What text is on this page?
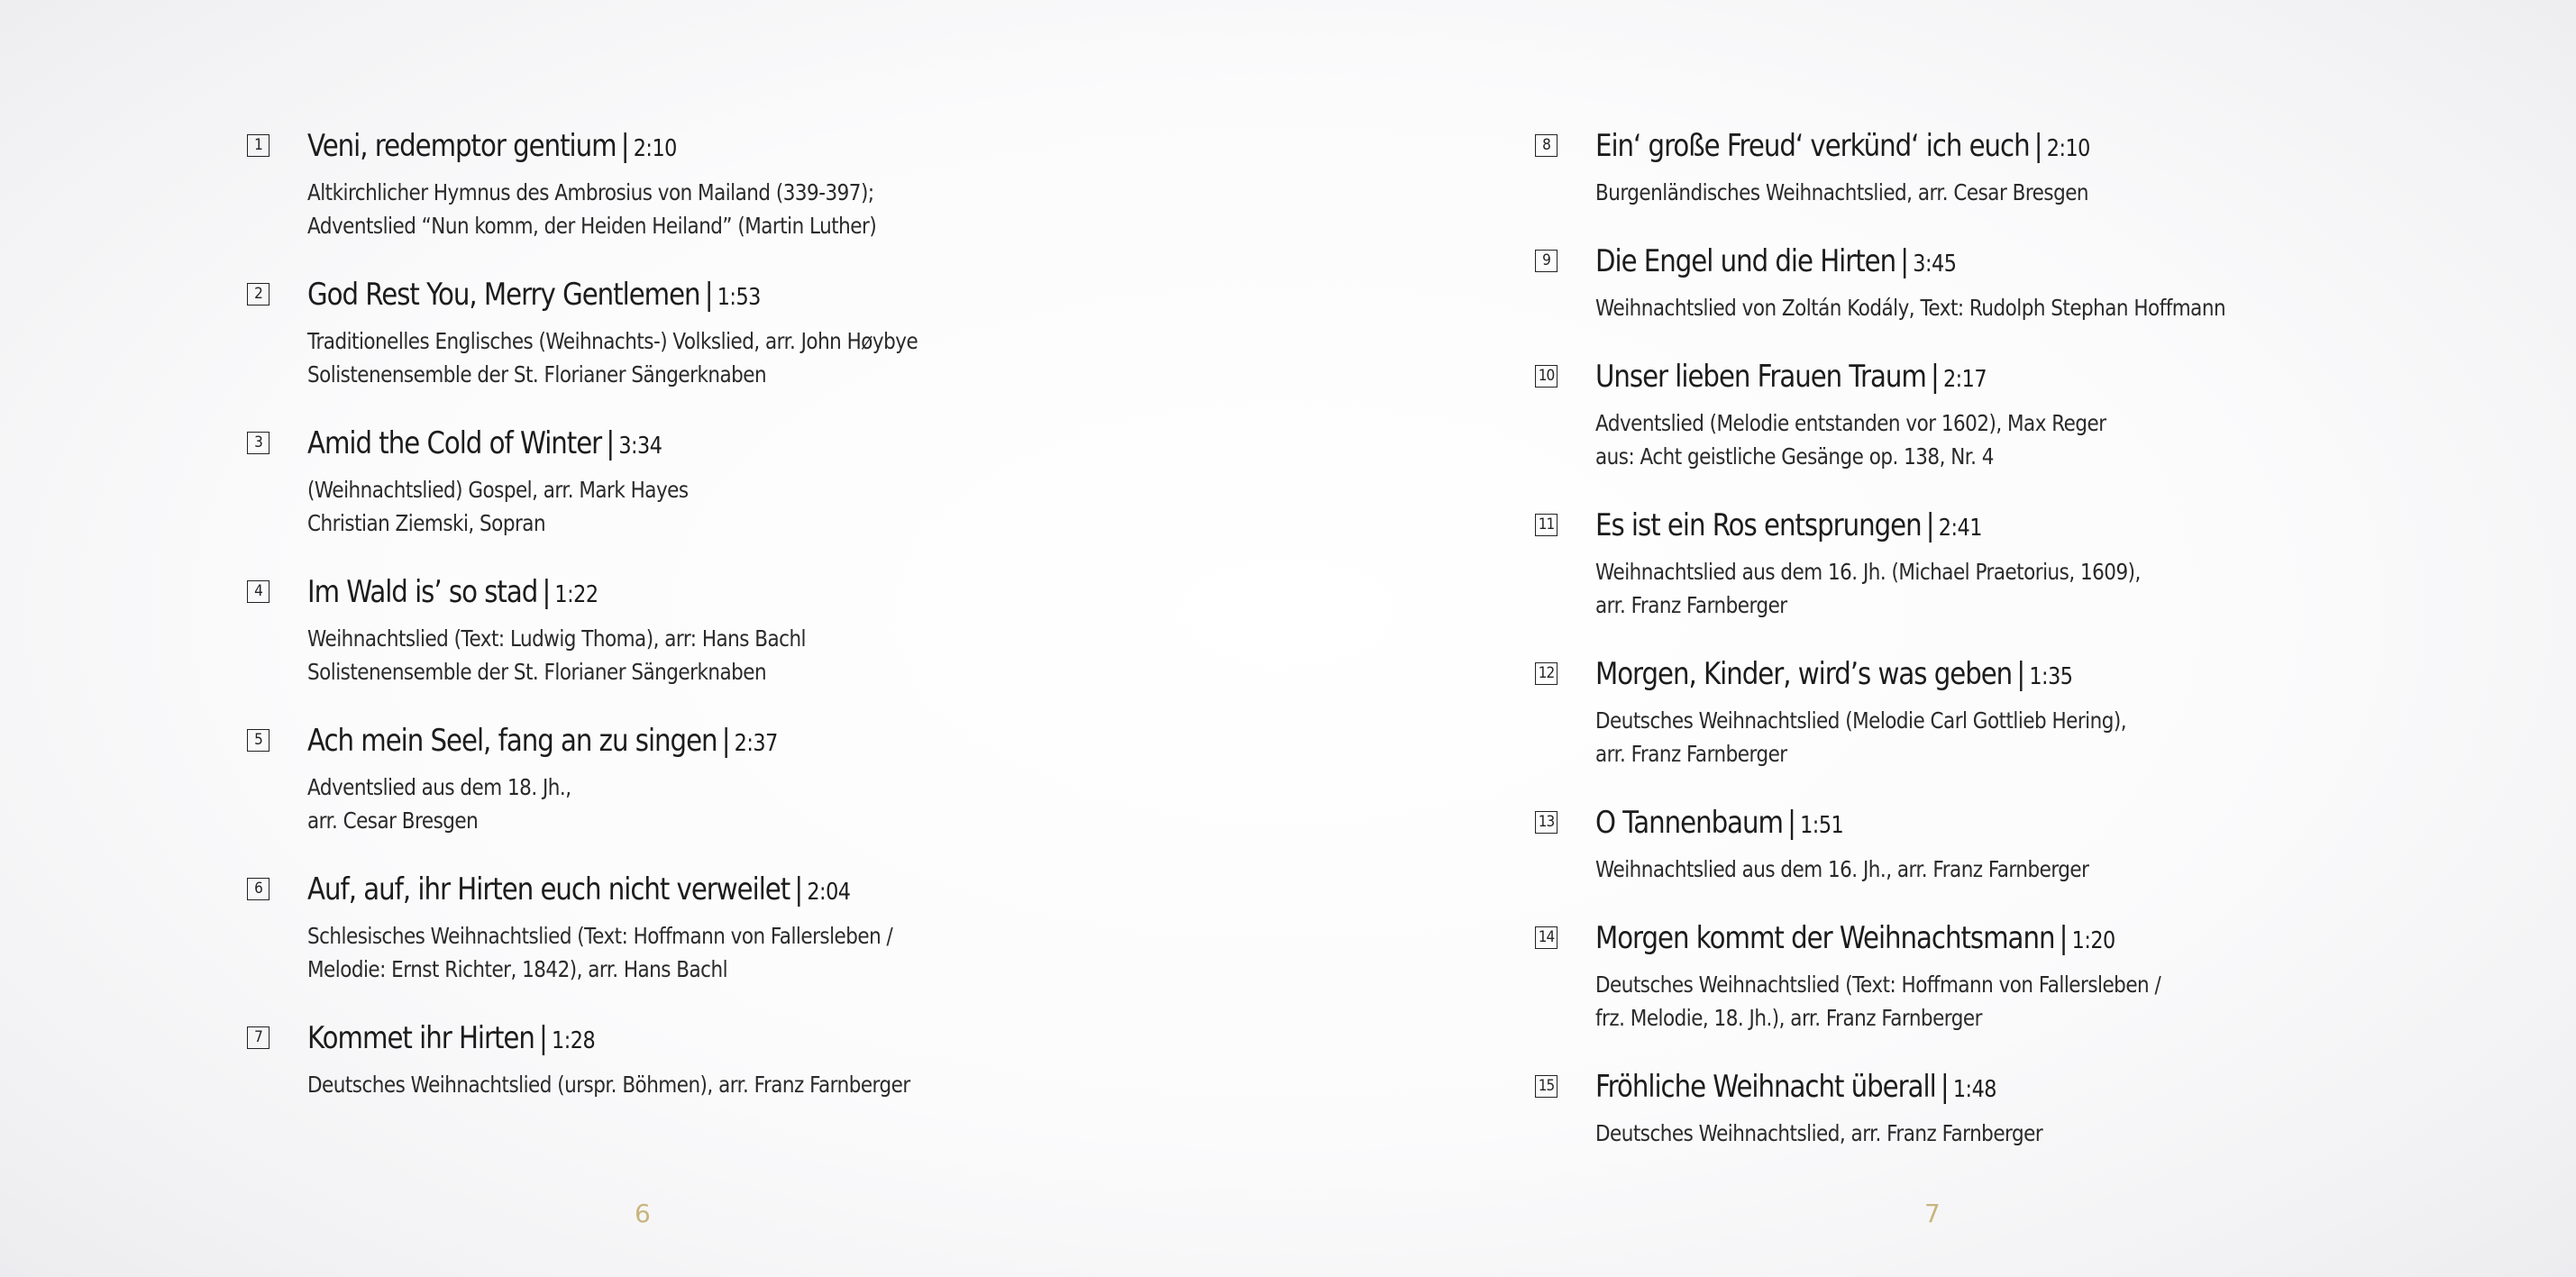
1 Veni, redemptor gentium | 2:10
Altkirchlicher Hymnus des Ambrosius von Mailand (339-397);
Adventslied “Nun komm, der Heiden Heiland” (Martin Luther)
2 God Rest You, Merry Gentlemen | 1:53
Traditionelles Englisches (Weihnachts-) Volkslied, arr. John Høybye
Solistenensemble der St. Florianer Sängerknaben
3 Amid the Cold of Winter | 3:34
(Weihnachtslied) Gospel, arr. Mark Hayes
Christian Ziemski, Sopran
4 Im Wald is’ so stad | 1:22
Weihnachtslied (Text: Ludwig Thoma), arr: Hans Bachl
Solistenensemble der St. Florianer Sängerknaben
5 Ach mein Seel, fang an zu singen | 2:37
Adventslied aus dem 18. Jh.,
arr. Cesar Bresgen
6 Auf, auf, ihr Hirten euch nicht verweilet | 2:04
Schlesisches Weihnachtslied (Text: Hoffmann von Fallersleben /
Melodie: Ernst Richter, 1842), arr. Hans Bachl
7 Kommet ihr Hirten | 1:28
Deutsches Weihnachtslied (urspr. Böhmen), arr. Franz Farnberger
6
8 Ein‘ große Freud‘ verkünd‘ ich euch | 2:10
Burgenländisches Weihnachtslied, arr. Cesar Bresgen
9 Die Engel und die Hirten | 3:45
Weihnachtslied von Zoltán Kodály, Text: Rudolph Stephan Hoffmann
10 Unser lieben Frauen Traum | 2:17
Adventslied (Melodie entstanden vor 1602), Max Reger
aus: Acht geistliche Gesänge op. 138, Nr. 4
11 Es ist ein Ros entsprungen | 2:41
Weihnachtslied aus dem 16. Jh. (Michael Praetorius, 1609),
arr. Franz Farnberger
12 Morgen, Kinder, wird’s was geben | 1:35
Deutsches Weihnachtslied (Melodie Carl Gottlieb Hering),
arr. Franz Farnberger
13 O Tannenbaum | 1:51
Weihnachtslied aus dem 16. Jh., arr. Franz Farnberger
14 Morgen kommt der Weihnachtsmann | 1:20
Deutsches Weihnachtslied (Text: Hoffmann von Fallersleben /
frz. Melodie, 18. Jh.), arr. Franz Farnberger
15 Fröhliche Weihnacht überall | 1:48
Deutsches Weihnachtslied, arr. Franz Farnberger
7
